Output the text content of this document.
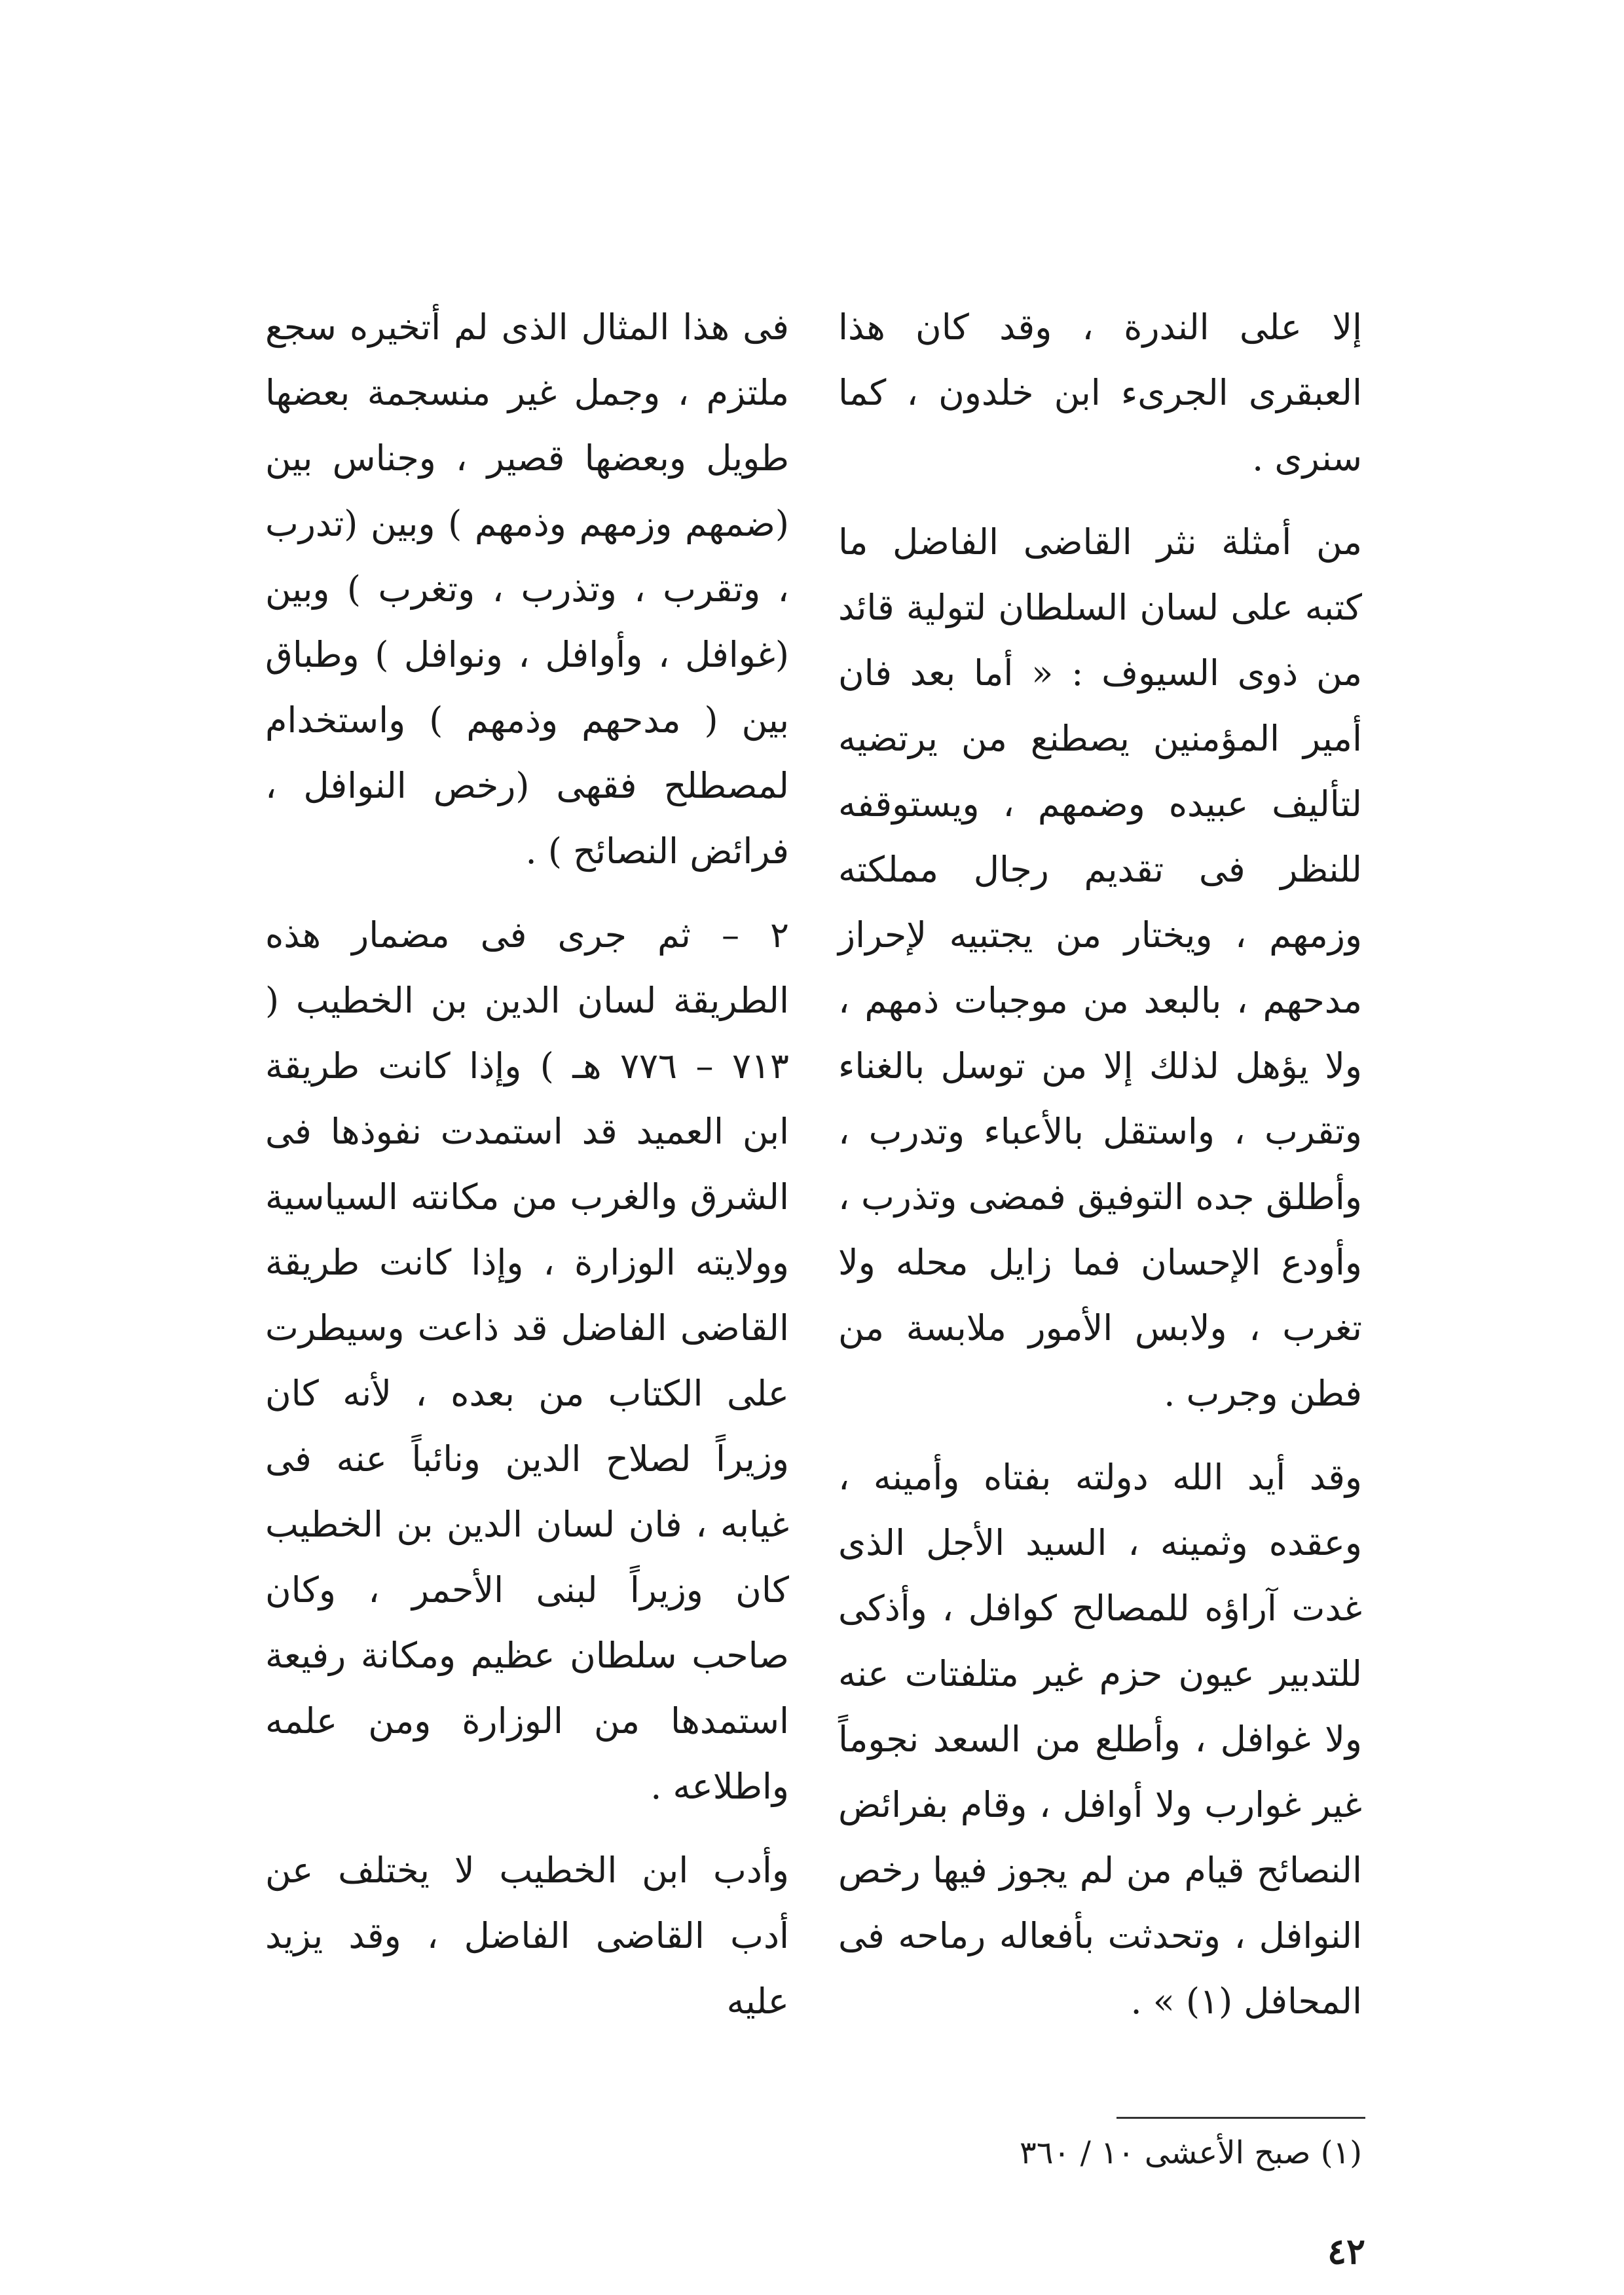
إلا على الندرة ، وقد كان هذا العبقرى الجرىء ابن خلدون ، كما سنرى .

من أمثلة نثر القاضى الفاضل ما كتبه على لسان السلطان لتولية قائد من ذوى السيوف : « أما بعد فان أمير المؤمنين يصطنع من يرتضيه لتأليف عبيده وضمهم ، ويستوقفه للنظر فى تقديم رجال مملكته وزمهم ، ويختار من يجتبيه لإحراز مدحهم ، بالبعد من موجبات ذمهم ، ولا يؤهل لذلك إلا من توسل بالغناء وتقرب ، واستقل بالأعباء وتدرب ، وأطلق جده التوفيق فمضى وتذرب ، وأودع الإحسان فما زايل محله ولا تغرب ، ولابس الأمور ملابسة من فطن وجرب .

وقد أيد الله دولته بفتاه وأمينه ، وعقده وثمينه ، السيد الأجل الذى غدت آراؤه للمصالح كوافل ، وأذكى للتدبير عيون حزم غير متلفتات عنه ولا غوافل ، وأطلع من السعد نجوماً غير غوارب ولا أوافل ، وقام بفرائض النصائح قيام من لم يجوز فيها رخص النوافل ، وتحدثت بأفعاله رماحه فى المحافل (١) » .

فى هذا المثال الذى لم أتخيره سجع ملتزم ، وجمل غير منسجمة بعضها طويل وبعضها قصير ، وجناس بين (ضمهم وزمهم وذمهم ) وبين (تدرب ، وتقرب ، وتذرب ، وتغرب ) وبين (غوافل ، وأوافل ، ونوافل ) وطباق بين ( مدحهم وذمهم ) واستخدام لمصطلح فقهى (رخص النوافل ، فرائض النصائح ) .

٢ – ثم جرى فى مضمار هذه الطريقة لسان الدين بن الخطيب ( ٧١٣ – ٧٧٦ هـ ) وإذا كانت طريقة ابن العميد قد استمدت نفوذها فى الشرق والغرب من مكانته السياسية وولايته الوزارة ، وإذا كانت طريقة القاضى الفاضل قد ذاعت وسيطرت على الكتاب من بعده ، لأنه كان وزيراً لصلاح الدين ونائباً عنه فى غيابه ، فان لسان الدين بن الخطيب كان وزيراً لبنى الأحمر ، وكان صاحب سلطان عظيم ومكانة رفيعة استمدها من الوزارة ومن علمه واطلاعه .

وأدب ابن الخطيب لا يختلف عن أدب القاضى الفاضل ، وقد يزيد عليه

(١) صبح الأعشى ١٠ / ٣٦٠
٤٢
